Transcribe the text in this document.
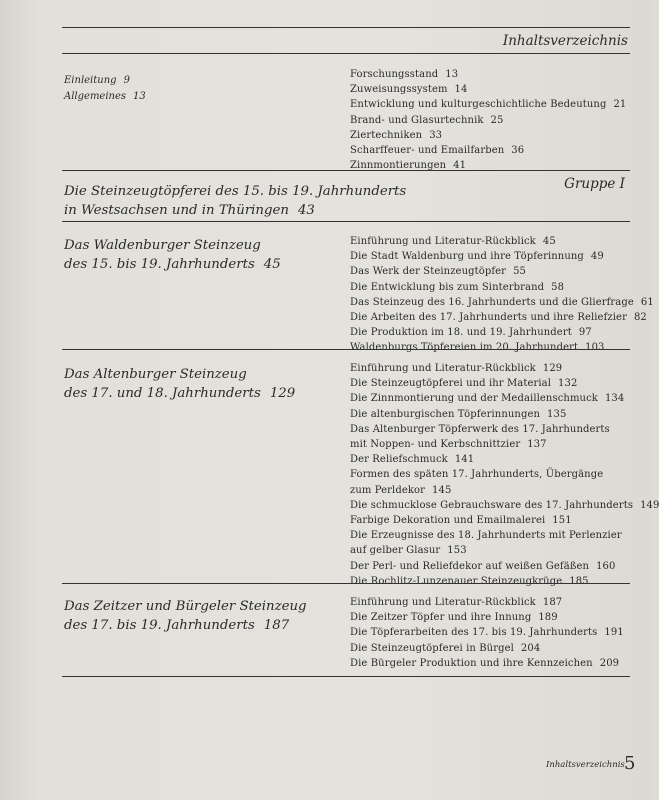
Inhaltsverzeichnis
Einleitung 9
Allgemeines 13
Forschungsstand 13
Zuweisungssystem 14
Entwicklung und kulturgeschichtliche Bedeutung 21
Brand- und Glasurtechnik 25
Ziertechniken 33
Scharffeuer- und Emailfarben 36
Zinnmontierungen 41
Gruppe I
Die Steinzeugtöpferei des 15. bis 19. Jahrhunderts
in Westsachsen und in Thüringen 43
Das Waldenburger Steinzeug
des 15. bis 19. Jahrhunderts 45
Einführung und Literatur-Rückblick 45
Die Stadt Waldenburg und ihre Töpferinnung 49
Das Werk der Steinzeugtöpfer 55
Die Entwicklung bis zum Sinterbrand 58
Das Steinzeug des 16. Jahrhunderts und die Glierfrage 61
Die Arbeiten des 17. Jahrhunderts und ihre Reliefzier 82
Die Produktion im 18. und 19. Jahrhundert 97
Waldenburgs Töpfereien im 20. Jahrhundert 103
Das Altenburger Steinzeug
des 17. und 18. Jahrhunderts 129
Einführung und Literatur-Rückblick 129
Die Steinzeugtöpferei und ihr Material 132
Die Zinnmontierung und der Medaillenschmuck 134
Die altenburgischen Töpferinnungen 135
Das Altenburger Töpferwerk des 17. Jahrhunderts
mit Noppen- und Kerbschnittzier 137
Der Reliefschmuck 141
Formen des späten 17. Jahrhunderts, Übergänge
zum Perldekor 145
Die schmucklose Gebrauchsware des 17. Jahrhunderts 149
Farbige Dekoration und Emailmalerei 151
Die Erzeugnisse des 18. Jahrhunderts mit Perlenzier
auf gelber Glasur 153
Der Perl- und Reliefdekor auf weißen Gefäßen 160
Die Rochlitz-Lunzenauer Steinzeugkrüge 185
Das Zeitzer und Bürgeler Steinzeug
des 17. bis 19. Jahrhunderts 187
Einführung und Literatur-Rückblick 187
Die Zeitzer Töpfer und ihre Innung 189
Die Töpferarbeiten des 17. bis 19. Jahrhunderts 191
Die Steinzeugtöpferei in Bürgel 204
Die Bürgeler Produktion und ihre Kennzeichen 209
Inhaltsverzeichnis 5
